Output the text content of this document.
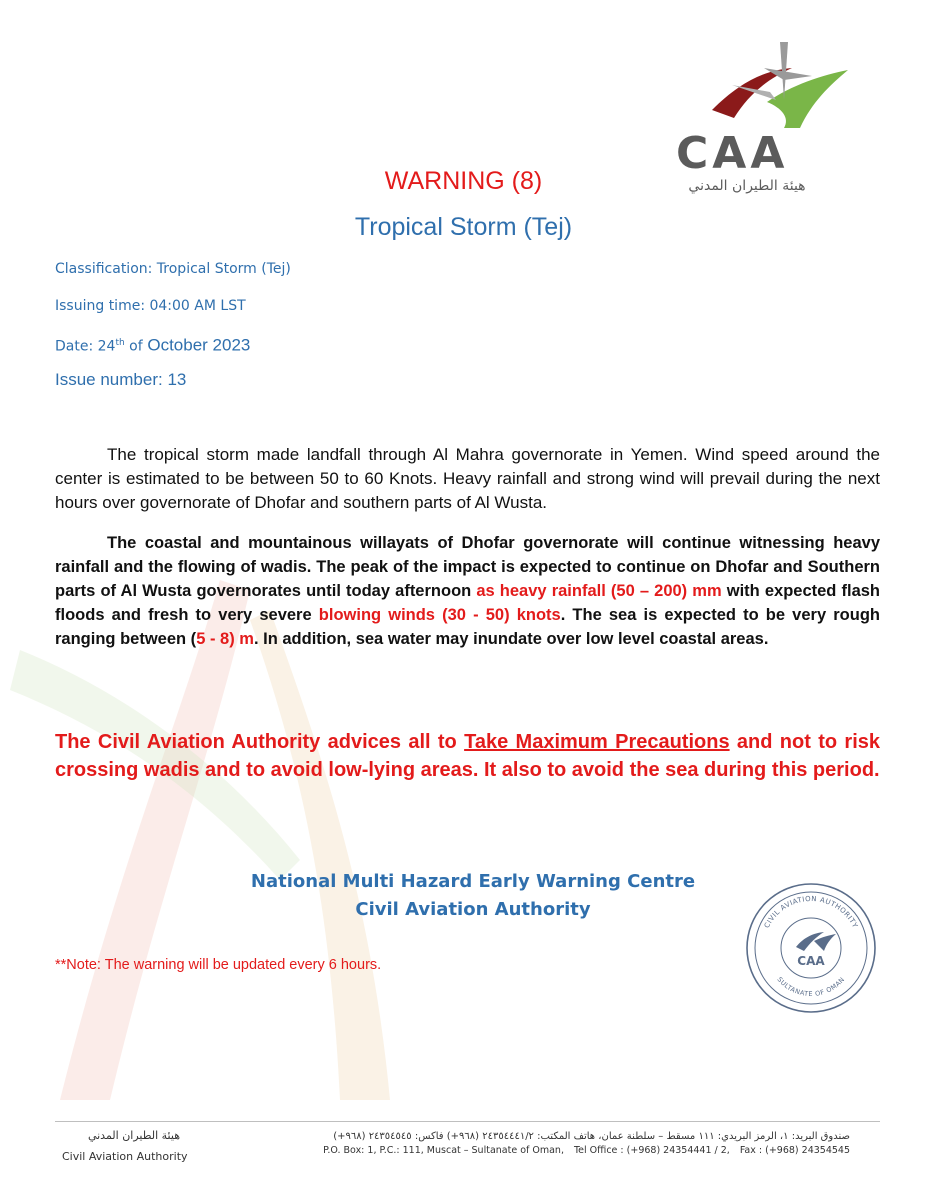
CAA
هيئة الطيران المدني
WARNING (8)
Tropical Storm (Tej)
Classification: Tropical Storm (Tej)
Issuing time: 04:00 AM LST
Date: 24th of October 2023
Issue number: 13
The tropical storm made landfall through Al Mahra governorate in Yemen. Wind speed around the center is estimated to be between 50 to 60 Knots. Heavy rainfall and strong wind will prevail during the next hours over governorate of Dhofar and southern parts of Al Wusta.
The coastal and mountainous willayats of Dhofar governorate will continue witnessing heavy rainfall and the flowing of wadis. The peak of the impact is expected to continue on Dhofar and Southern parts of Al Wusta governorates until today afternoon as heavy rainfall (50 – 200) mm with expected flash floods and fresh to very severe blowing winds (30 - 50) knots. The sea is expected to be very rough ranging between (5 - 8) m. In addition, sea water may inundate over low level coastal areas.
The Civil Aviation Authority advices all to Take Maximum Precautions and not to risk crossing wadis and to avoid low-lying areas. It also to avoid the sea during this period.
National Multi Hazard Early Warning Centre
Civil Aviation Authority
**Note: The warning will be updated every 6 hours.
CIVIL AVIATION AUTHORITY
SULTANATE OF OMAN
CAA
هيئة الطيران المدني
Civil Aviation Authority
صندوق البريد: ١، الرمز البريدي: ١١١ مسقط – سلطنة عمان، هاتف المكتب: ٢٤٣٥٤٤٤١/٢ (٩٦٨+) فاكس: ٢٤٣٥٤٥٤٥ (٩٦٨+)
P.O. Box: 1, P.C.: 111, Muscat – Sultanate of Oman, Tel Office : (+968) 24354441 / 2, Fax : (+968) 24354545
